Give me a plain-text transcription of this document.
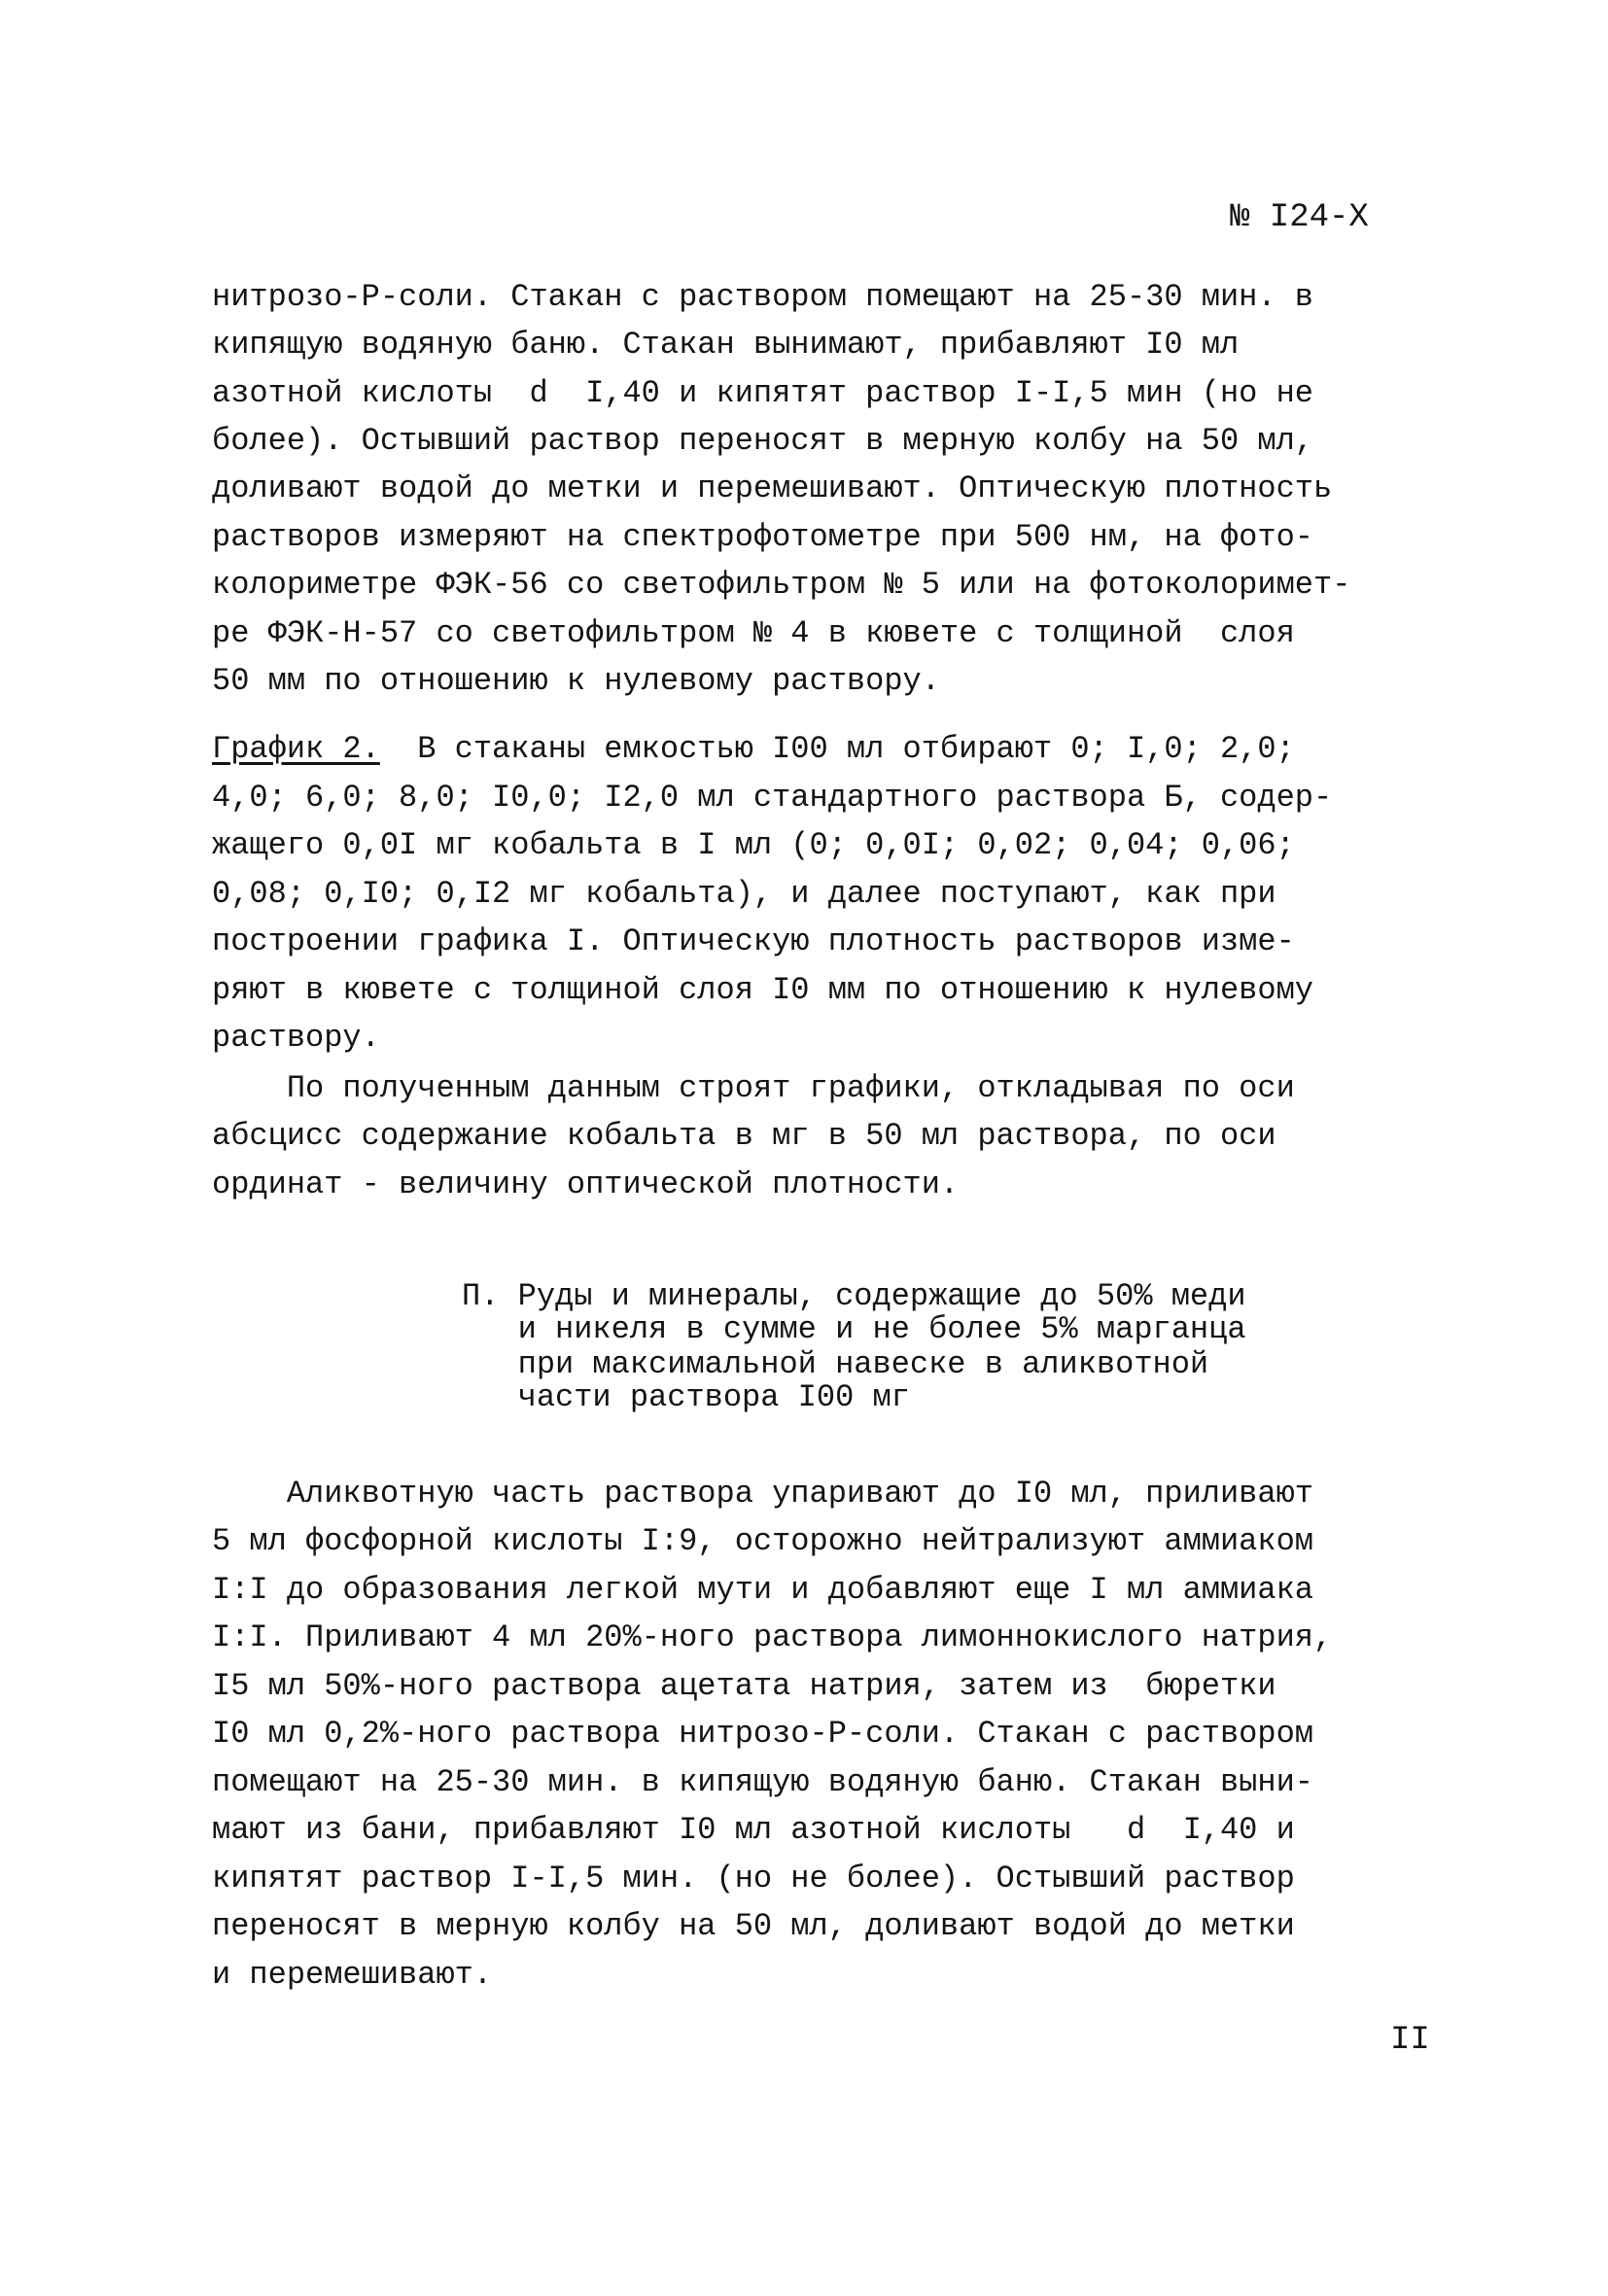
№ I24-X
нитрозо-Р-соли. Стакан с раствором помещают на 25-30 мин. в
кипящую водяную баню. Стакан вынимают, прибавляют I0 мл
азотной кислоты  d  I,40 и кипятят раствор I-I,5 мин (но не
более). Остывший раствор переносят в мерную колбу на 50 мл,
доливают водой до метки и перемешивают. Оптическую плотность
растворов измеряют на спектрофотометре при 500 нм, на фото-
колориметре ФЭК-56 со светофильтром № 5 или на фотоколоримет-
ре ФЭК-Н-57 со светофильтром № 4 в кювете с толщиной  слоя
50 мм по отношению к нулевому раствору.
График 2.  В стаканы емкостью I00 мл отбирают 0; I,0; 2,0;
4,0; 6,0; 8,0; I0,0; I2,0 мл стандартного раствора Б, содер-
жащего 0,0I мг кобальта в I мл (0; 0,0I; 0,02; 0,04; 0,06;
0,08; 0,I0; 0,I2 мг кобальта), и далее поступают, как при
построении графика I. Оптическую плотность растворов изме-
ряют в кювете с толщиной слоя I0 мм по отношению к нулевому
раствору.
По полученным данным строят графики, откладывая по оси
абсцисс содержание кобальта в мг в 50 мл раствора, по оси
ординат - величину оптической плотности.
П. Руды и минералы, содержащие до 50% меди
и никеля в сумме и не более 5% марганца
при максимальной навеске в аликвотной
части раствора I00 мг
Аликвотную часть раствора упаривают до I0 мл, приливают
5 мл фосфорной кислоты I:9, осторожно нейтрализуют аммиаком
I:I до образования легкой мути и добавляют еще I мл аммиака
I:I. Приливают 4 мл 20%-ного раствора лимоннокислого натрия,
I5 мл 50%-ного раствора ацетата натрия, затем из  бюретки
I0 мл 0,2%-ного раствора нитрозо-Р-соли. Стакан с раствором
помещают на 25-30 мин. в кипящую водяную баню. Стакан выни-
мают из бани, прибавляют I0 мл азотной кислоты   d  I,40 и
кипятят раствор I-I,5 мин. (но не более). Остывший раствор
переносят в мерную колбу на 50 мл, доливают водой до метки
и перемешивают.
II
